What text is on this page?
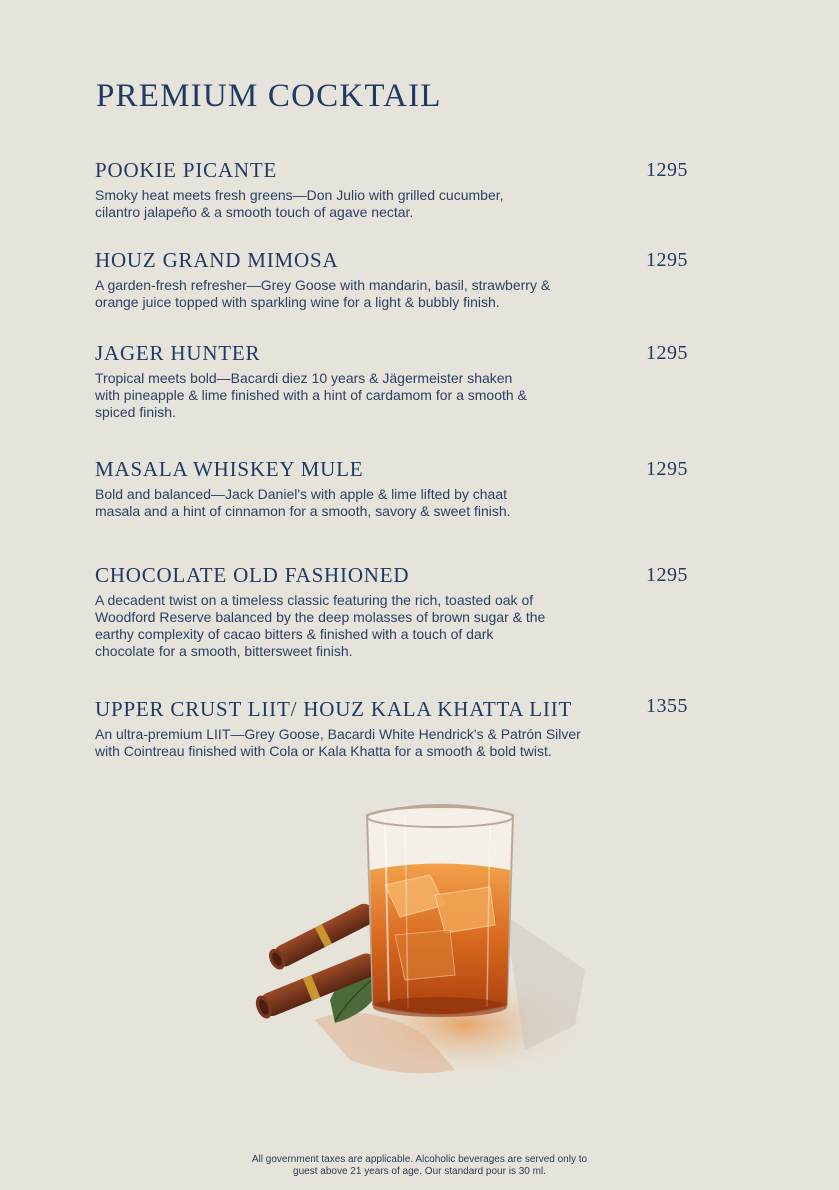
PREMIUM COCKTAIL
POOKIE PICANTE

Smoky heat meets fresh greens—Don Julio with grilled cucumber, cilantro jalapeño & a smooth touch of agave nectar.

1295
HOUZ GRAND MIMOSA

A garden-fresh refresher—Grey Goose with mandarin, basil, strawberry & orange juice topped with sparkling wine for a light & bubbly finish.

1295
JAGER HUNTER

Tropical meets bold—Bacardi diez 10 years & Jägermeister shaken with pineapple & lime finished with a hint of cardamom for a smooth & spiced finish.

1295
MASALA WHISKEY MULE

Bold and balanced—Jack Daniel's with apple & lime lifted by chaat masala and a hint of cinnamon for a smooth, savory & sweet finish.

1295
CHOCOLATE OLD FASHIONED

A decadent twist on a timeless classic featuring the rich, toasted oak of Woodford Reserve balanced by the deep molasses of brown sugar & the earthy complexity of cacao bitters & finished with a touch of dark chocolate for a smooth, bittersweet finish.

1295
UPPER CRUST LIIT/ HOUZ KALA KHATTA LIIT

An ultra-premium LIIT—Grey Goose, Bacardi White Hendrick's & Patrón Silver with Cointreau finished with Cola or Kala Khatta for a smooth & bold twist.

1355
All government taxes are applicable. Alcoholic beverages are served only to
guest above 21 years of age. Our standard pour is 30 ml.
